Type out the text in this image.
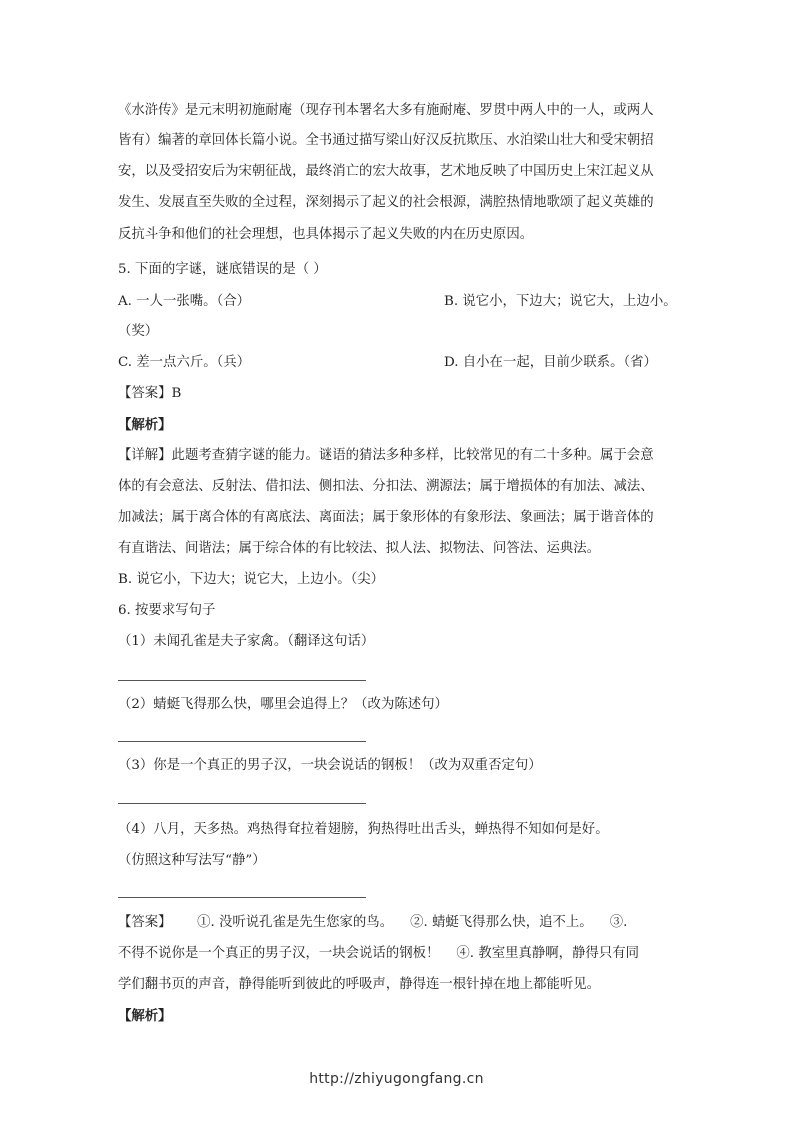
《水浒传》是元末明初施耐庵（现存刊本署名大多有施耐庵、罗贯中两人中的一人，或两人
皆有）编著的章回体长篇小说。全书通过描写梁山好汉反抗欺压、水泊梁山壮大和受宋朝招
安，以及受招安后为宋朝征战，最终消亡的宏大故事，艺术地反映了中国历史上宋江起义从
发生、发展直至失败的全过程，深刻揭示了起义的社会根源，满腔热情地歌颂了起义英雄的
反抗斗争和他们的社会理想，也具体揭示了起义失败的内在历史原因。
5. 下面的字谜，谜底错误的是（ ）
A. 一人一张嘴。（合）	B. 说它小，下边大；说它大，上边小。
（奖）
C. 差一点六斤。（兵）	D. 自小在一起，目前少联系。（省）
【答案】B
【解析】
【详解】此题考查猜字谜的能力。谜语的猜法多种多样，比较常见的有二十多种。属于会意
体的有会意法、反射法、借扣法、侧扣法、分扣法、溯源法；属于增损体的有加法、减法、
加减法；属于离合体的有离底法、离面法；属于象形体的有象形法、象画法；属于谐音体的
有直谐法、间谐法；属于综合体的有比较法、拟人法、拟物法、问答法、运典法。
B. 说它小，下边大；说它大，上边小。（尖）
6. 按要求写句子
（1）未闻孔雀是夫子家禽。（翻译这句话）
（2）蜻蜓飞得那么快，哪里会追得上？（改为陈述句）
（3）你是一个真正的男子汉，一块会说话的钢板！（改为双重否定句）
（4）八月，天多热。鸡热得耷拉着翅膀，狗热得吐出舌头，蝉热得不知如何是好。
（仿照这种写法写“静”）
【答案】      ①. 没听说孔雀是先生您家的鸟。    ②. 蜻蜓飞得那么快，追不上。    ③.
不得不说你是一个真正的男子汉，一块会说话的钢板！    ④. 教室里真静啊，静得只有同
学们翻书页的声音，静得能听到彼此的呼吸声，静得连一根针掉在地上都能听见。
【解析】
http://zhiyugongfang.cn
